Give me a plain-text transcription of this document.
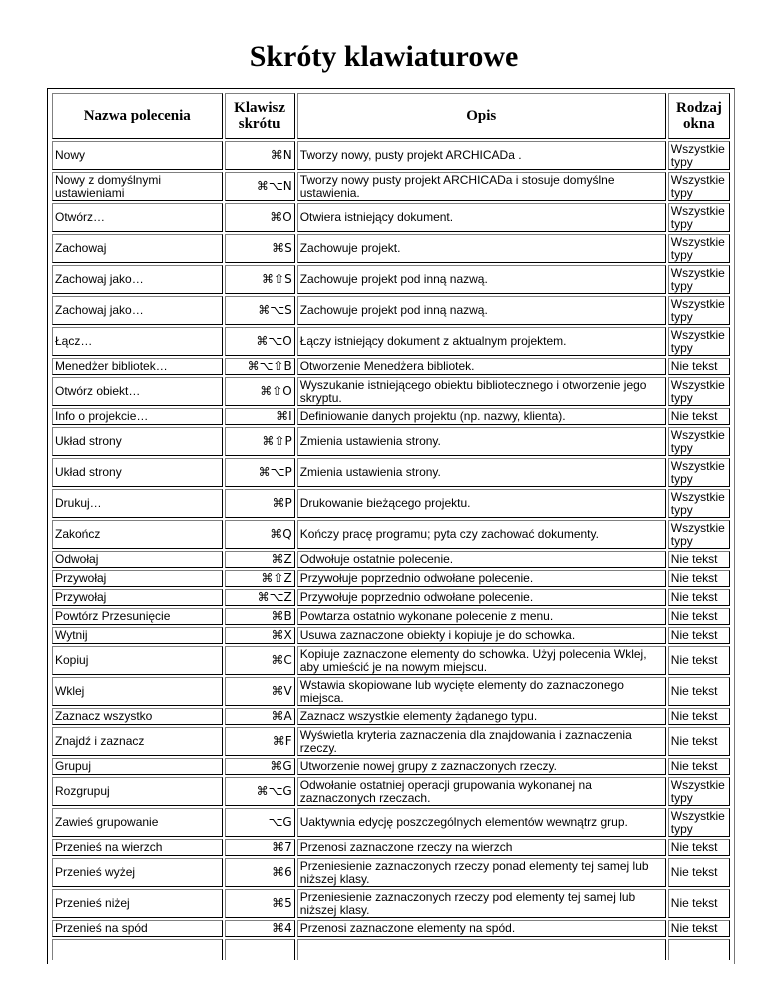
Skróty klawiaturowe
Nazwa polecenia	Klawisz skrótu	Opis	Rodzaj okna
Nowy	⌘N	Tworzy nowy, pusty projekt ARCHICADa .	Wszystkie typy
Nowy z domyślnymi ustawieniami	⌘⌥N	Tworzy nowy pusty projekt ARCHICADa i stosuje domyślne ustawienia.	Wszystkie typy
Otwórz…	⌘O	Otwiera istniejący dokument.	Wszystkie typy
Zachowaj	⌘S	Zachowuje projekt.	Wszystkie typy
Zachowaj jako…	⌘⇧S	Zachowuje projekt pod inną nazwą.	Wszystkie typy
Zachowaj jako…	⌘⌥S	Zachowuje projekt pod inną nazwą.	Wszystkie typy
Łącz…	⌘⌥O	Łączy istniejący dokument z aktualnym projektem.	Wszystkie typy
Menedżer bibliotek…	⌘⌥⇧B	Otworzenie Menedżera bibliotek.	Nie tekst
Otwórz obiekt…	⌘⇧O	Wyszukanie istniejącego obiektu bibliotecznego i otworzenie jego skryptu.	Wszystkie typy
Info o projekcie…	⌘I	Definiowanie danych projektu (np. nazwy, klienta).	Nie tekst
Układ strony	⌘⇧P	Zmienia ustawienia strony.	Wszystkie typy
Układ strony	⌘⌥P	Zmienia ustawienia strony.	Wszystkie typy
Drukuj…	⌘P	Drukowanie bieżącego projektu.	Wszystkie typy
Zakończ	⌘Q	Kończy pracę programu; pyta czy zachować dokumenty.	Wszystkie typy
Odwołaj	⌘Z	Odwołuje ostatnie polecenie.	Nie tekst
Przywołaj	⌘⇧Z	Przywołuje poprzednio odwołane polecenie.	Nie tekst
Przywołaj	⌘⌥Z	Przywołuje poprzednio odwołane polecenie.	Nie tekst
Powtórz Przesunięcie	⌘B	Powtarza ostatnio wykonane polecenie z menu.	Nie tekst
Wytnij	⌘X	Usuwa zaznaczone obiekty i kopiuje je do schowka.	Nie tekst
Kopiuj	⌘C	Kopiuje zaznaczone elementy do schowka. Użyj polecenia Wklej, aby umieścić je na nowym miejscu.	Nie tekst
Wklej	⌘V	Wstawia skopiowane lub wycięte elementy do zaznaczonego miejsca.	Nie tekst
Zaznacz wszystko	⌘A	Zaznacz wszystkie elementy żądanego typu.	Nie tekst
Znajdź i zaznacz	⌘F	Wyświetla kryteria zaznaczenia dla znajdowania i zaznaczenia rzeczy.	Nie tekst
Grupuj	⌘G	Utworzenie nowej grupy z zaznaczonych rzeczy.	Nie tekst
Rozgrupuj	⌘⌥G	Odwołanie ostatniej operacji grupowania wykonanej na zaznaczonych rzeczach.	Wszystkie typy
Zawieś grupowanie	⌥G	Uaktywnia edycję poszczególnych elementów wewnątrz grup.	Wszystkie typy
Przenieś na wierzch	⌘7	Przenosi zaznaczone rzeczy na wierzch	Nie tekst
Przenieś wyżej	⌘6	Przeniesienie zaznaczonych rzeczy ponad elementy tej samej lub niższej klasy.	Nie tekst
Przenieś niżej	⌘5	Przeniesienie zaznaczonych rzeczy pod elementy tej samej lub niższej klasy.	Nie tekst
Przenieś na spód	⌘4	Przenosi zaznaczone elementy na spód.	Nie tekst
